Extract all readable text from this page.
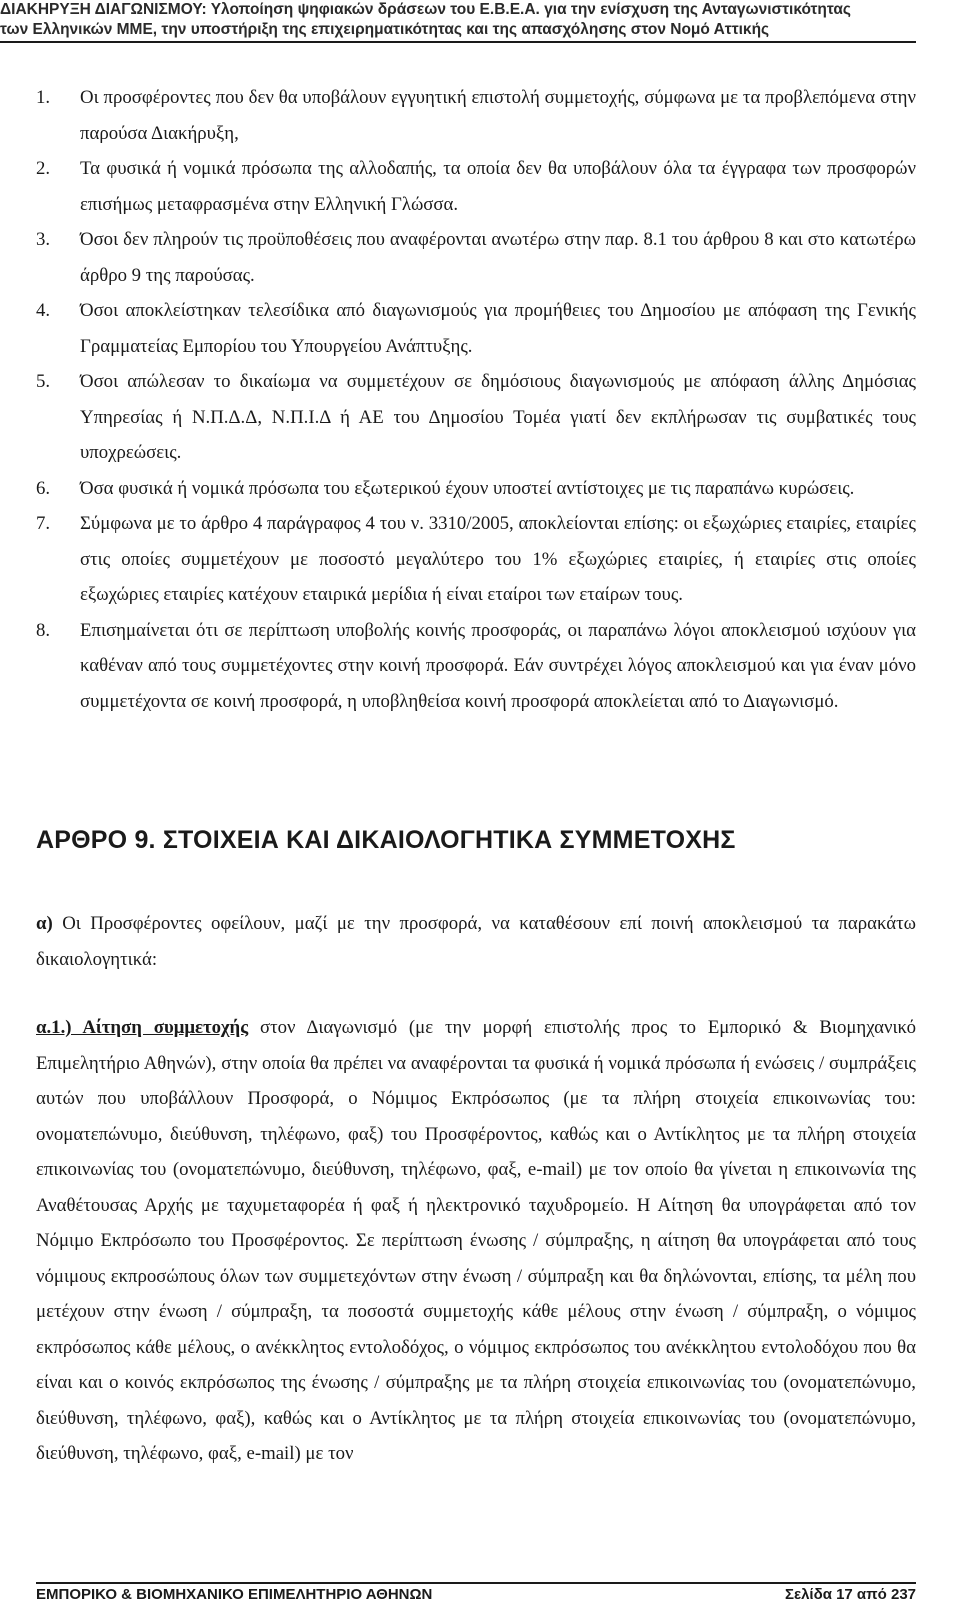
ΔΙΑΚΗΡΥΞΗ ΔΙΑΓΩΝΙΣΜΟΥ: Υλοποίηση ψηφιακών δράσεων του Ε.Β.Ε.Α. για την ενίσχυση της Ανταγωνιστικότητας
των Ελληνικών ΜΜΕ, την υποστήριξη της επιχειρηματικότητας και της απασχόλησης στον Νομό Αττικής
1.	Οι προσφέροντες που δεν θα υποβάλουν εγγυητική επιστολή συμμετοχής, σύμφωνα με τα προβλεπόμενα στην παρούσα Διακήρυξη,
2.	Τα φυσικά ή νομικά πρόσωπα της αλλοδαπής, τα οποία δεν θα υποβάλουν όλα τα έγγραφα των προσφορών επισήμως μεταφρασμένα στην Ελληνική Γλώσσα.
3.	Όσοι δεν πληρούν τις προϋποθέσεις που αναφέρονται ανωτέρω στην παρ. 8.1 του άρθρου 8 και στο κατωτέρω άρθρο 9 της παρούσας.
4.	Όσοι αποκλείστηκαν τελεσίδικα από διαγωνισμούς για προμήθειες του Δημοσίου με απόφαση της Γενικής Γραμματείας Εμπορίου του Υπουργείου Ανάπτυξης.
5.	Όσοι απώλεσαν το δικαίωμα να συμμετέχουν σε δημόσιους διαγωνισμούς με απόφαση άλλης Δημόσιας Υπηρεσίας ή Ν.Π.Δ.Δ, Ν.Π.Ι.Δ ή ΑΕ του Δημοσίου Τομέα γιατί δεν εκπλήρωσαν τις συμβατικές τους υποχρεώσεις.
6.	Όσα φυσικά ή νομικά πρόσωπα του εξωτερικού έχουν υποστεί αντίστοιχες με τις παραπάνω κυρώσεις.
7.	Σύμφωνα με το άρθρο 4 παράγραφος 4 του ν. 3310/2005, αποκλείονται επίσης: οι εξωχώριες εταιρίες, εταιρίες στις οποίες συμμετέχουν με ποσοστό μεγαλύτερο του 1% εξωχώριες εταιρίες, ή εταιρίες στις οποίες εξωχώριες εταιρίες κατέχουν εταιρικά μερίδια ή είναι εταίροι των εταίρων τους.
8.	Επισημαίνεται ότι σε περίπτωση υποβολής κοινής προσφοράς, οι παραπάνω λόγοι αποκλεισμού ισχύουν για καθέναν από τους συμμετέχοντες στην κοινή προσφορά. Εάν συντρέχει λόγος αποκλεισμού και για έναν μόνο συμμετέχοντα σε κοινή προσφορά, η υποβληθείσα κοινή προσφορά αποκλείεται από το Διαγωνισμό.
ΑΡΘΡΟ 9. ΣΤΟΙΧΕΙΑ ΚΑΙ ΔΙΚΑΙΟΛΟΓΗΤΙΚΑ ΣΥΜΜΕΤΟΧΗΣ
α) Οι Προσφέροντες οφείλουν, μαζί με την προσφορά, να καταθέσουν επί ποινή αποκλεισμού τα παρακάτω δικαιολογητικά:
α.1.) Αίτηση συμμετοχής στον Διαγωνισμό (με την μορφή επιστολής προς το Εμπορικό & Βιομηχανικό Επιμελητήριο Αθηνών), στην οποία θα πρέπει να αναφέρονται τα φυσικά ή νομικά πρόσωπα ή ενώσεις / συμπράξεις αυτών που υποβάλλουν Προσφορά, ο Νόμιμος Εκπρόσωπος (με τα πλήρη στοιχεία επικοινωνίας του: ονοματεπώνυμο, διεύθυνση, τηλέφωνο, φαξ) του Προσφέροντος, καθώς και ο Αντίκλητος με τα πλήρη στοιχεία επικοινωνίας του (ονοματεπώνυμο, διεύθυνση, τηλέφωνο, φαξ, e-mail) με τον οποίο θα γίνεται η επικοινωνία της Αναθέτουσας Αρχής με ταχυμεταφορέα ή φαξ ή ηλεκτρονικό ταχυδρομείο. Η Αίτηση θα υπογράφεται από τον Νόμιμο Εκπρόσωπο του Προσφέροντος. Σε περίπτωση ένωσης / σύμπραξης, η αίτηση θα υπογράφεται από τους νόμιμους εκπροσώπους όλων των συμμετεχόντων στην ένωση / σύμπραξη και θα δηλώνονται, επίσης, τα μέλη που μετέχουν στην ένωση / σύμπραξη, τα ποσοστά συμμετοχής κάθε μέλους στην ένωση / σύμπραξη, ο νόμιμος εκπρόσωπος κάθε μέλους, ο ανέκκλητος εντολοδόχος, ο νόμιμος εκπρόσωπος του ανέκκλητου εντολοδόχου που θα είναι και ο κοινός εκπρόσωπος της ένωσης / σύμπραξης με τα πλήρη στοιχεία επικοινωνίας του (ονοματεπώνυμο, διεύθυνση, τηλέφωνο, φαξ), καθώς και ο Αντίκλητος με τα πλήρη στοιχεία επικοινωνίας του (ονοματεπώνυμο, διεύθυνση, τηλέφωνο, φαξ, e-mail) με τον
ΕΜΠΟΡΙΚΟ & ΒΙΟΜΗΧΑΝΙΚΟ ΕΠΙΜΕΛΗΤΗΡΙΟ ΑΘΗΝΩΝ	Σελίδα 17 από 237
